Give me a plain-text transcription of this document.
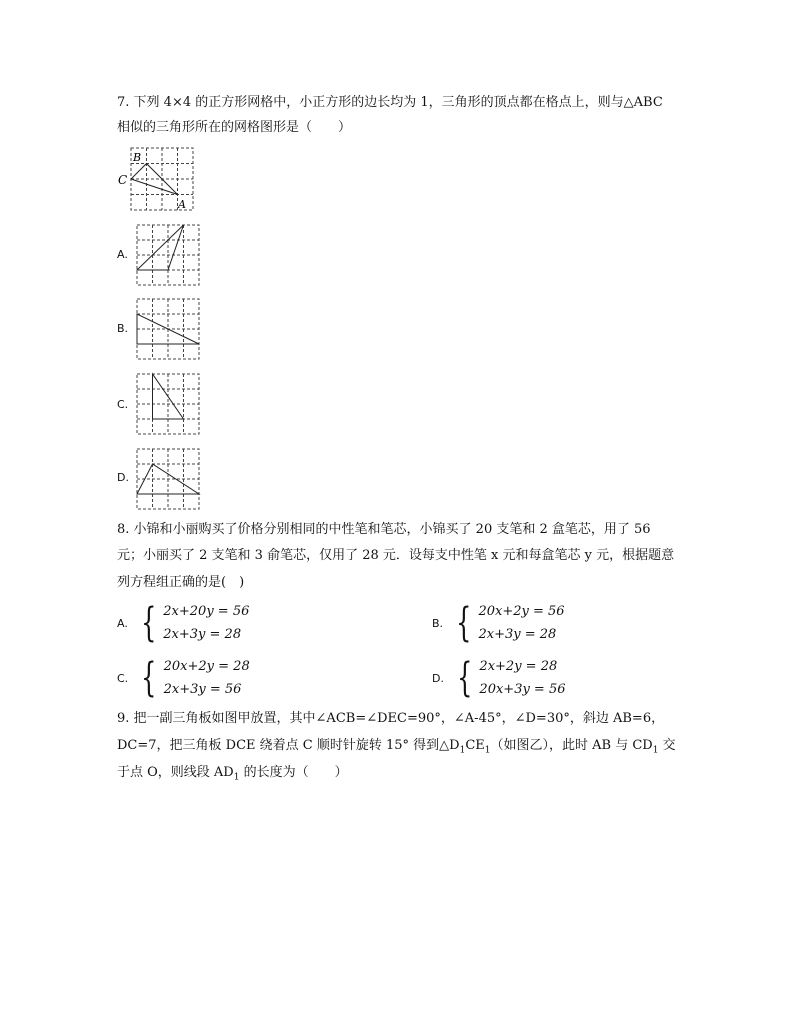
7. 下列 4×4 的正方形网格中，小正方形的边长均为 1，三角形的顶点都在格点上，则与△ABC
相似的三角形所在的网格图形是（　　）
B
C
A
A.
B.
C.
D.
8. 小锦和小丽购买了价格分别相同的中性笔和笔芯，小锦买了 20 支笔和 2 盒笔芯，用了 56
元；小丽买了 2 支笔和 3 俞笔芯，仅用了 28 元．设每支中性笔 x 元和每盒笔芯 y 元，根据题意
列方程组正确的是(　)
A. { 2x+20y = 56
2x+3y = 28
B. { 20x+2y = 56
2x+3y = 28
C. { 20x+2y = 28
2x+3y = 56
D. { 2x+2y = 28
20x+3y = 56
9. 把一副三角板如图甲放置，其中∠ACB=∠DEC=90°，∠A-45°，∠D=30°，斜边 AB=6，
DC=7，把三角板 DCE 绕着点 C 顺时针旋转 15° 得到$\triangle D_1CE_1$（如图乙），此时 AB 与 $CD_1$ 交
于点 O，则线段 $AD_1$ 的长度为（　　）
